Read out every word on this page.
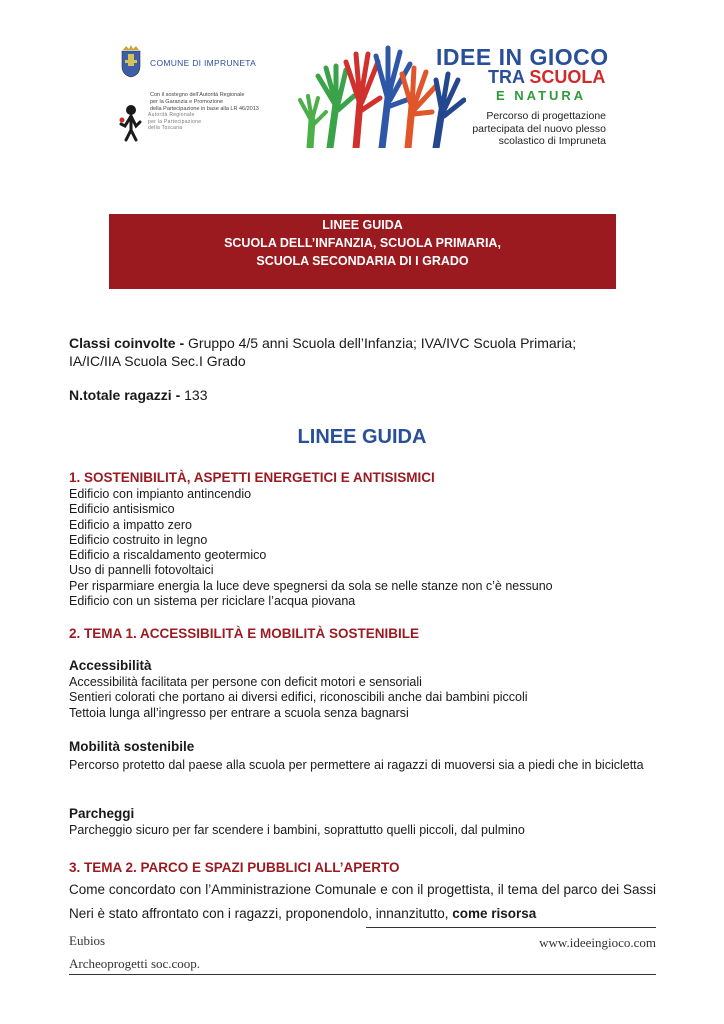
COMUNE DI IMPRUNETA
Con il sostegno dell’Autorità Regionale
per la Garanzia e Promozione
della Partecipazione in base alla LR 46/2013
Autorità Regionale
per la Partecipazione
della Toscana
IDEE IN GIOCO
TRA SCUOLA
E NATURA
Percorso di progettazione
partecipata del nuovo plesso
scolastico di Impruneta
LINEE GUIDA
SCUOLA DELL’INFANZIA, SCUOLA PRIMARIA,
SCUOLA SECONDARIA DI I GRADO
Classi coinvolte - Gruppo 4/5 anni Scuola dell’Infanzia; IVA/IVC Scuola Primaria;
IA/IC/IIA Scuola Sec.I Grado
N.totale ragazzi - 133
LINEE GUIDA
1. SOSTENIBILITÀ, ASPETTI ENERGETICI E ANTISISMICI
Edificio con impianto antincendio
Edificio antisismico
Edificio a impatto zero
Edificio costruito in legno
Edificio a riscaldamento geotermico
Uso di pannelli fotovoltaici
Per risparmiare energia la luce deve spegnersi da sola se nelle stanze non c’è nessuno
Edificio con un sistema per riciclare l’acqua piovana
2. TEMA 1. ACCESSIBILITÀ E MOBILITÀ SOSTENIBILE
Accessibilità
Accessibilità facilitata per persone con deficit motori e sensoriali
Sentieri colorati che portano ai diversi edifici, riconoscibili anche dai bambini piccoli
Tettoia lunga all’ingresso per entrare a scuola senza bagnarsi
Mobilità sostenibile
Percorso protetto dal paese alla scuola per permettere ai ragazzi di muoversi sia a piedi che in bicicletta
Parcheggi
Parcheggio sicuro per far scendere i bambini, soprattutto quelli piccoli, dal pulmino
3. TEMA 2. PARCO E SPAZI PUBBLICI ALL’APERTO
Come concordato con l’Amministrazione Comunale e con il progettista, il tema del parco dei Sassi Neri è stato affrontato con i ragazzi, proponendolo, innanzitutto, come risorsa
Eubios	www.ideeingioco.com
Archeoprogetti soc.coop.
